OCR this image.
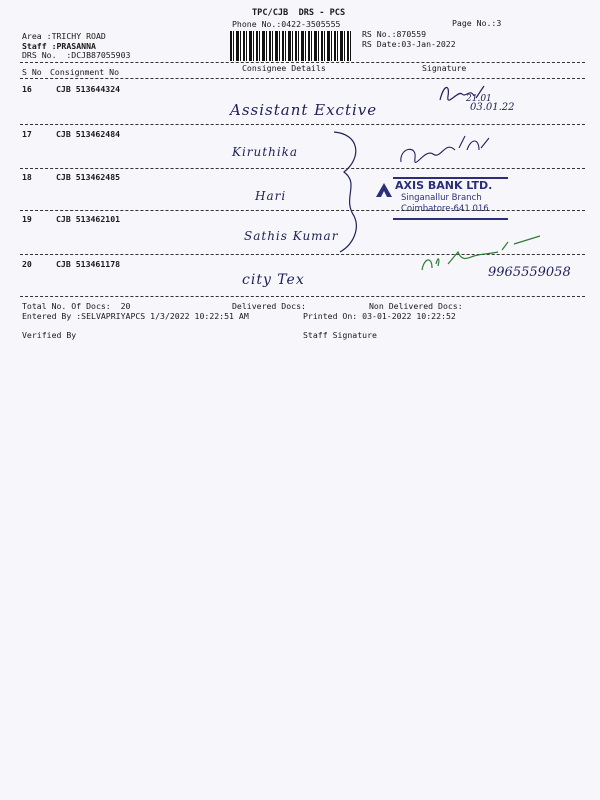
TPC/CJB  DRS - PCS
Phone No.:0422-3505555	Page No.:3
Area :TRICHY ROAD
Staff :PRASANNA
DRS No.  :DCJB87055903
RS No.:870559
RS Date:03-Jan-2022
S No Consignment No	Consignee Details	Signature
16	CJB 513644324
Assistant Exctive
21.01
03.01.22
17	CJB 513462484
Kiruthika
18	CJB 513462485
Hari
AXIS BANK LTD.
Singanallur Branch
Coimbatore-641 016
19	CJB 513462101
Sathis Kumar
20	CJB 513461178
city Tex	9965559058
Total No. Of Docs:  20	Delivered Docs:	Non Delivered Docs:
Entered By :SELVAPRIYAPCS 1/3/2022 10:22:51 AM	Printed On: 03-01-2022 10:22:52
Verified By	Staff Signature
